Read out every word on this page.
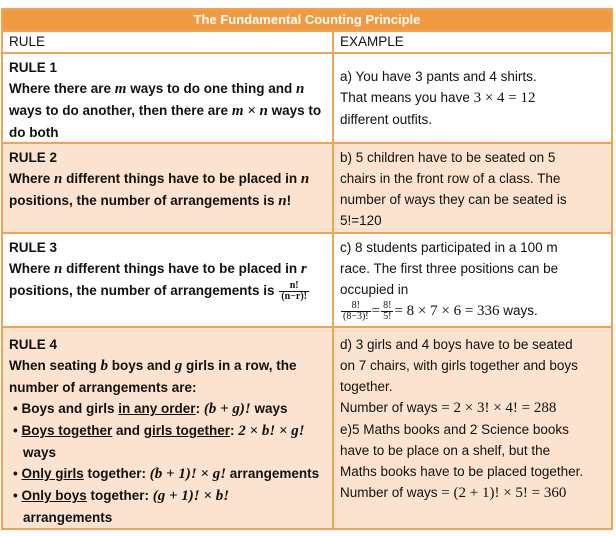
The Fundamental Counting Principle
RULE	EXAMPLE
RULE 1
Where there are m ways to do one thing and n
ways to do another, then there are m × n ways to
do both
a) You have 3 pants and 4 shirts.
That means you have 3 × 4 = 12
different outfits.
RULE 2
Where n different things have to be placed in n
positions, the number of arrangements is n!
b) 5 children have to be seated on 5
chairs in the front row of a class. The
number of ways they can be seated is
5!=120
RULE 3
Where n different things have to be placed in r
positions, the number of arrangements is $\frac{n!}{(n-r)!}$
c) 8 students participated in a 100 m
race. The first three positions can be
occupied in
$\frac{8!}{(8-3)!} = \frac{8!}{5!} = 8 \times 7 \times 6 = 336$ ways.
RULE 4
When seating b boys and g girls in a row, the
number of arrangements are:
• Boys and girls in any order: (b + g)! ways
• Boys together and girls together: 2 × b! × g!
ways
• Only girls together: (b + 1)! × g! arrangements
• Only boys together: (g + 1)! × b!
arrangements
d) 3 girls and 4 boys have to be seated
on 7 chairs, with girls together and boys
together.
Number of ways = 2 × 3! × 4! = 288
e)5 Maths books and 2 Science books
have to be place on a shelf, but the
Maths books have to be placed together.
Number of ways = (2 + 1)! × 5! = 360
